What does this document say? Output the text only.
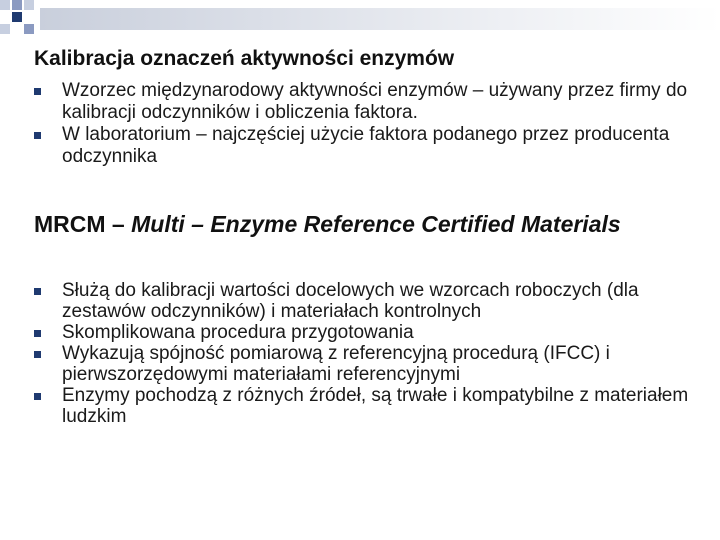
Kalibracja oznaczeń aktywności enzymów
Wzorzec międzynarodowy aktywności enzymów – używany przez firmy do kalibracji odczynników i obliczenia faktora.
W laboratorium – najczęściej użycie faktora podanego przez producenta odczynnika
MRCM – Multi – Enzyme Reference Certified Materials
Służą do kalibracji wartości docelowych we wzorcach roboczych (dla zestawów odczynników) i materiałach kontrolnych
Skomplikowana procedura przygotowania
Wykazują spójność pomiarową z referencyjną procedurą (IFCC) i pierwszorzędowymi materiałami referencyjnymi
Enzymy pochodzą z różnych źródeł, są trwałe i kompatybilne z materiałem ludzkim
